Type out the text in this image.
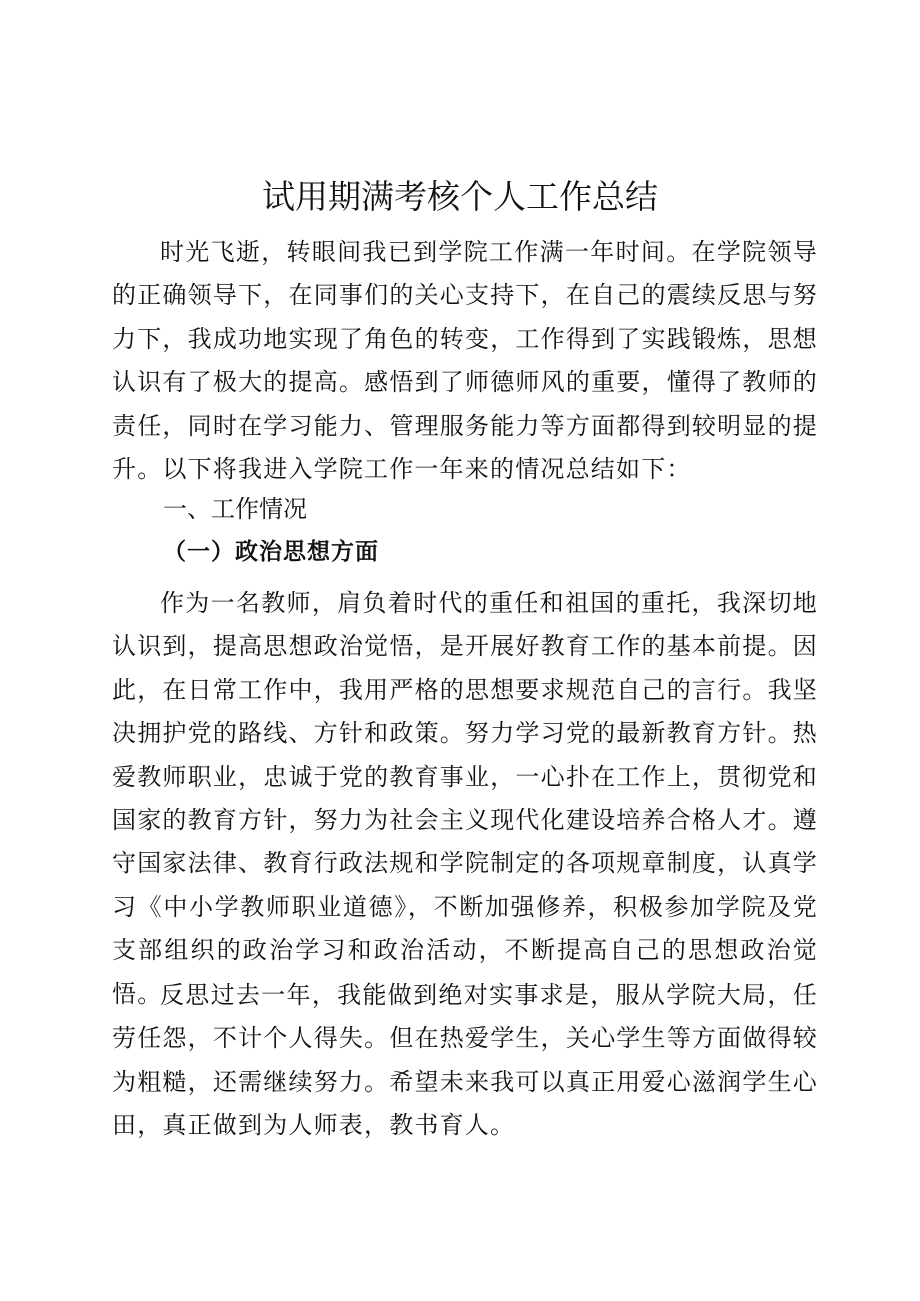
试用期满考核个人工作总结

时光飞逝，转眼间我已到学院工作满一年时间。在学院领导的正确领导下，在同事们的关心支持下，在自己的震续反思与努力下，我成功地实现了角色的转变，工作得到了实践锻炼，思想认识有了极大的提高。感悟到了师德师风的重要，懂得了教师的责任，同时在学习能力、管理服务能力等方面都得到较明显的提升。以下将我进入学院工作一年来的情况总结如下：

一、工作情况
（一）政治思想方面

作为一名教师，肩负着时代的重任和祖国的重托，我深切地认识到，提高思想政治觉悟，是开展好教育工作的基本前提。因此，在日常工作中，我用严格的思想要求规范自己的言行。我坚决拥护党的路线、方针和政策。努力学习党的最新教育方针。热爱教师职业，忠诚于党的教育事业，一心扑在工作上，贯彻党和国家的教育方针，努力为社会主义现代化建设培养合格人才。遵守国家法律、教育行政法规和学院制定的各项规章制度，认真学习《中小学教师职业道德》，不断加强修养，积极参加学院及党支部组织的政治学习和政治活动，不断提高自己的思想政治觉悟。

反思过去一年，我能做到绝对实事求是，服从学院大局，任劳任怨，不计个人得失。但在热爱学生，关心学生等方面做得较为粗糙，还需继续努力。希望未来我可以真正用爱心滋润学生心田，真正做到为人师表，教书育人。
